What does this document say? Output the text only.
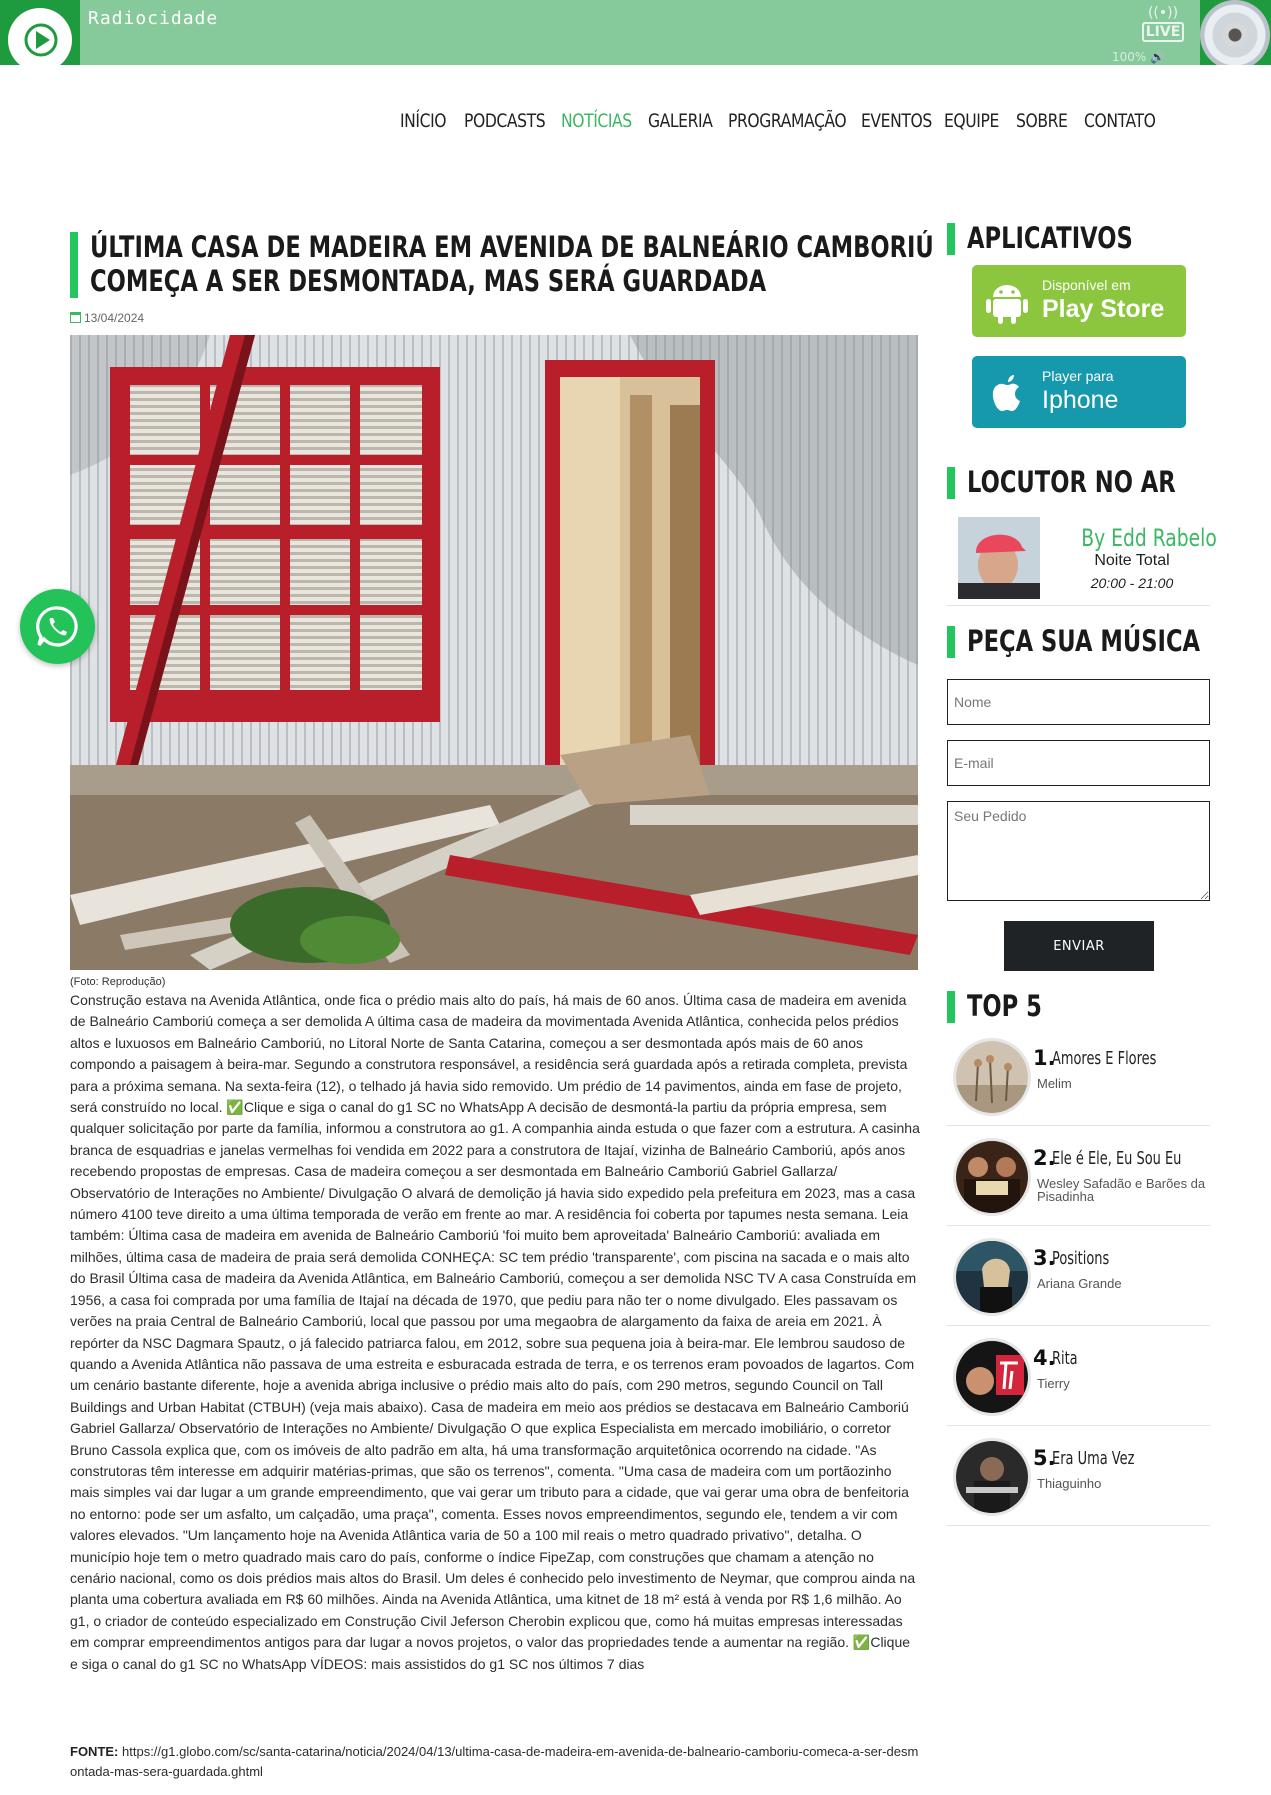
Radiocidade	((•))
LIVE
100% 🔊
INÍCIO PODCASTS NOTÍCIAS GALERIA PROGRAMAÇÃO EVENTOS EQUIPE SOBRE CONTATO
ÚLTIMA CASA DE MADEIRA EM AVENIDA DE BALNEÁRIO CAMBORIÚ COMEÇA A SER DESMONTADA, MAS SERÁ GUARDADA
13/04/2024
(Foto: Reprodução)
Construção estava na Avenida Atlântica, onde fica o prédio mais alto do país, há mais de 60 anos. Última casa de madeira em avenida de Balneário Camboriú começa a ser demolida A última casa de madeira da movimentada Avenida Atlântica, conhecida pelos prédios altos e luxuosos em Balneário Camboriú, no Litoral Norte de Santa Catarina, começou a ser desmontada após mais de 60 anos compondo a paisagem à beira-mar. Segundo a construtora responsável, a residência será guardada após a retirada completa, prevista para a próxima semana. Na sexta-feira (12), o telhado já havia sido removido. Um prédio de 14 pavimentos, ainda em fase de projeto, será construído no local. ✅Clique e siga o canal do g1 SC no WhatsApp A decisão de desmontá-la partiu da própria empresa, sem qualquer solicitação por parte da família, informou a construtora ao g1. A companhia ainda estuda o que fazer com a estrutura. A casinha branca de esquadrias e janelas vermelhas foi vendida em 2022 para a construtora de Itajaí, vizinha de Balneário Camboriú, após anos recebendo propostas de empresas. Casa de madeira começou a ser desmontada em Balneário Camboriú Gabriel Gallarza/ Observatório de Interações no Ambiente/ Divulgação O alvará de demolição já havia sido expedido pela prefeitura em 2023, mas a casa número 4100 teve direito a uma última temporada de verão em frente ao mar. A residência foi coberta por tapumes nesta semana. Leia também: Última casa de madeira em avenida de Balneário Camboriú 'foi muito bem aproveitada' Balneário Camboriú: avaliada em milhões, última casa de madeira de praia será demolida CONHEÇA: SC tem prédio 'transparente', com piscina na sacada e o mais alto do Brasil Última casa de madeira da Avenida Atlântica, em Balneário Camboriú, começou a ser demolida NSC TV A casa Construída em 1956, a casa foi comprada por uma família de Itajaí na década de 1970, que pediu para não ter o nome divulgado. Eles passavam os verões na praia Central de Balneário Camboriú, local que passou por uma megaobra de alargamento da faixa de areia em 2021. À repórter da NSC Dagmara Spautz, o já falecido patriarca falou, em 2012, sobre sua pequena joia à beira-mar. Ele lembrou saudoso de quando a Avenida Atlântica não passava de uma estreita e esburacada estrada de terra, e os terrenos eram povoados de lagartos. Com um cenário bastante diferente, hoje a avenida abriga inclusive o prédio mais alto do país, com 290 metros, segundo Council on Tall Buildings and Urban Habitat (CTBUH) (veja mais abaixo). Casa de madeira em meio aos prédios se destacava em Balneário Camboriú Gabriel Gallarza/ Observatório de Interações no Ambiente/ Divulgação O que explica Especialista em mercado imobiliário, o corretor Bruno Cassola explica que, com os imóveis de alto padrão em alta, há uma transformação arquitetônica ocorrendo na cidade. "As construtoras têm interesse em adquirir matérias-primas, que são os terrenos", comenta. "Uma casa de madeira com um portãozinho mais simples vai dar lugar a um grande empreendimento, que vai gerar um tributo para a cidade, que vai gerar uma obra de benfeitoria no entorno: pode ser um asfalto, um calçadão, uma praça", comenta. Esses novos empreendimentos, segundo ele, tendem a vir com valores elevados. "Um lançamento hoje na Avenida Atlântica varia de 50 a 100 mil reais o metro quadrado privativo", detalha. O município hoje tem o metro quadrado mais caro do país, conforme o índice FipeZap, com construções que chamam a atenção no cenário nacional, como os dois prédios mais altos do Brasil. Um deles é conhecido pelo investimento de Neymar, que comprou ainda na planta uma cobertura avaliada em R$ 60 milhões. Ainda na Avenida Atlântica, uma kitnet de 18 m² está à venda por R$ 1,6 milhão. Ao g1, o criador de conteúdo especializado em Construção Civil Jeferson Cherobin explicou que, como há muitas empresas interessadas em comprar empreendimentos antigos para dar lugar a novos projetos, o valor das propriedades tende a aumentar na região. ✅Clique e siga o canal do g1 SC no WhatsApp VÍDEOS: mais assistidos do g1 SC nos últimos 7 dias
FONTE: https://g1.globo.com/sc/santa-catarina/noticia/2024/04/13/ultima-casa-de-madeira-em-avenida-de-balneario-camboriu-comeca-a-ser-desmontada-mas-sera-guardada.ghtml
APLICATIVOS
Disponível em
Play Store
Player para
Iphone
LOCUTOR NO AR
By Edd Rabelo
Noite Total
20:00 - 21:00
PEÇA SUA MÚSICA
Nome
E-mail
Seu Pedido
ENVIAR
TOP 5
1.
Amores E Flores
Melim
2.
Ele é Ele, Eu Sou Eu
Wesley Safadão e Barões da Pisadinha
3.
Positions
Ariana Grande
4.
Rita
Tierry
5.
Era Uma Vez
Thiaguinho
